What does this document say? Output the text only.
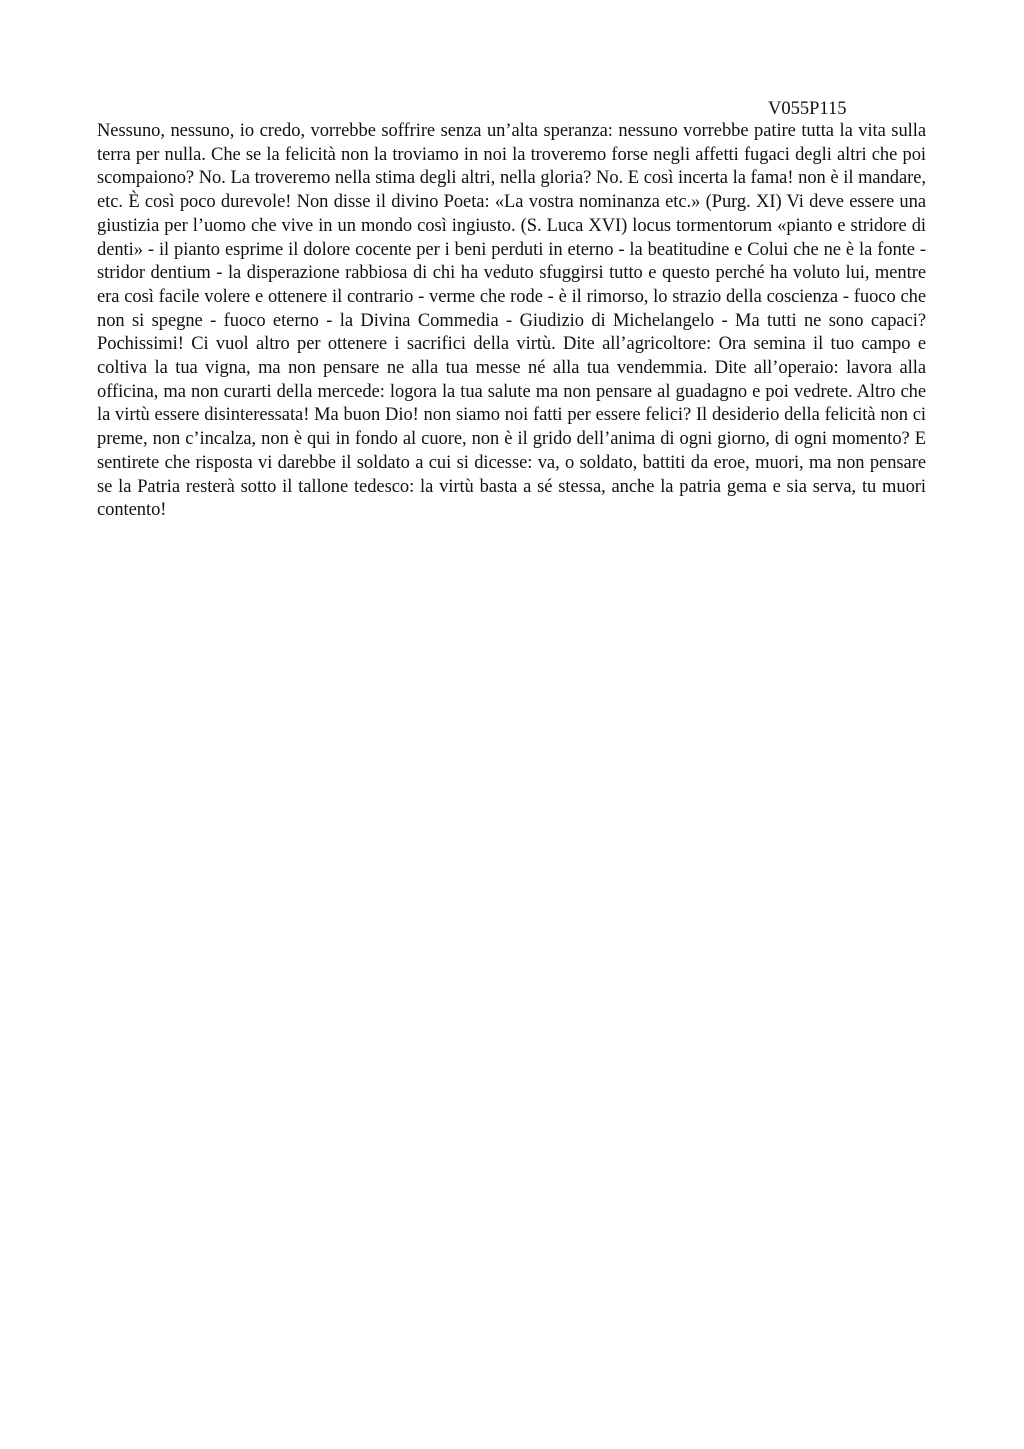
V055P115

Nessuno, nessuno, io credo, vorrebbe soffrire senza un’alta speranza: nessuno vorrebbe patire tutta la vita sulla terra per nulla. Che se la felicità non la troviamo in noi la troveremo forse negli affetti fugaci degli altri che poi scompaiono? No. La troveremo nella stima degli altri, nella gloria? No. E così incerta la fama! non è il mandare, etc. È così poco durevole! Non disse il divino Poeta: «La vostra nominanza etc.» (Purg. XI) Vi deve essere una giustizia per l’uomo che vive in un mondo così ingiusto. (S. Luca XVI) locus tormentorum «pianto e stridore di denti» - il pianto esprime il dolore cocente per i beni perduti in eterno - la beatitudine e Colui che ne è la fonte - stridor dentium - la disperazione rabbiosa di chi ha veduto sfuggirsi tutto e questo perché ha voluto lui, mentre era così facile volere e ottenere il contrario - verme che rode - è il rimorso, lo strazio della coscienza - fuoco che non si spegne - fuoco eterno - la Divina Commedia - Giudizio di Michelangelo - Ma tutti ne sono capaci? Pochissimi! Ci vuol altro per ottenere i sacrifici della virtù. Dite all’agricoltore: Ora semina il tuo campo e coltiva la tua vigna, ma non pensare ne alla tua messe né alla tua vendemmia. Dite all’operaio: lavora alla officina, ma non curarti della mercede: logora la tua salute ma non pensare al guadagno e poi vedrete. Altro che la virtù essere disinteressata! Ma buon Dio! non siamo noi fatti per essere felici? Il desiderio della felicità non ci preme, non c’incalza, non è qui in fondo al cuore, non è il grido dell’anima di ogni giorno, di ogni momento? E sentirete che risposta vi darebbe il soldato a cui si dicesse: va, o soldato, battiti da eroe, muori, ma non pensare se la Patria resterà sotto il tallone tedesco: la virtù basta a sé stessa, anche la patria gema e sia serva, tu muori contento!
